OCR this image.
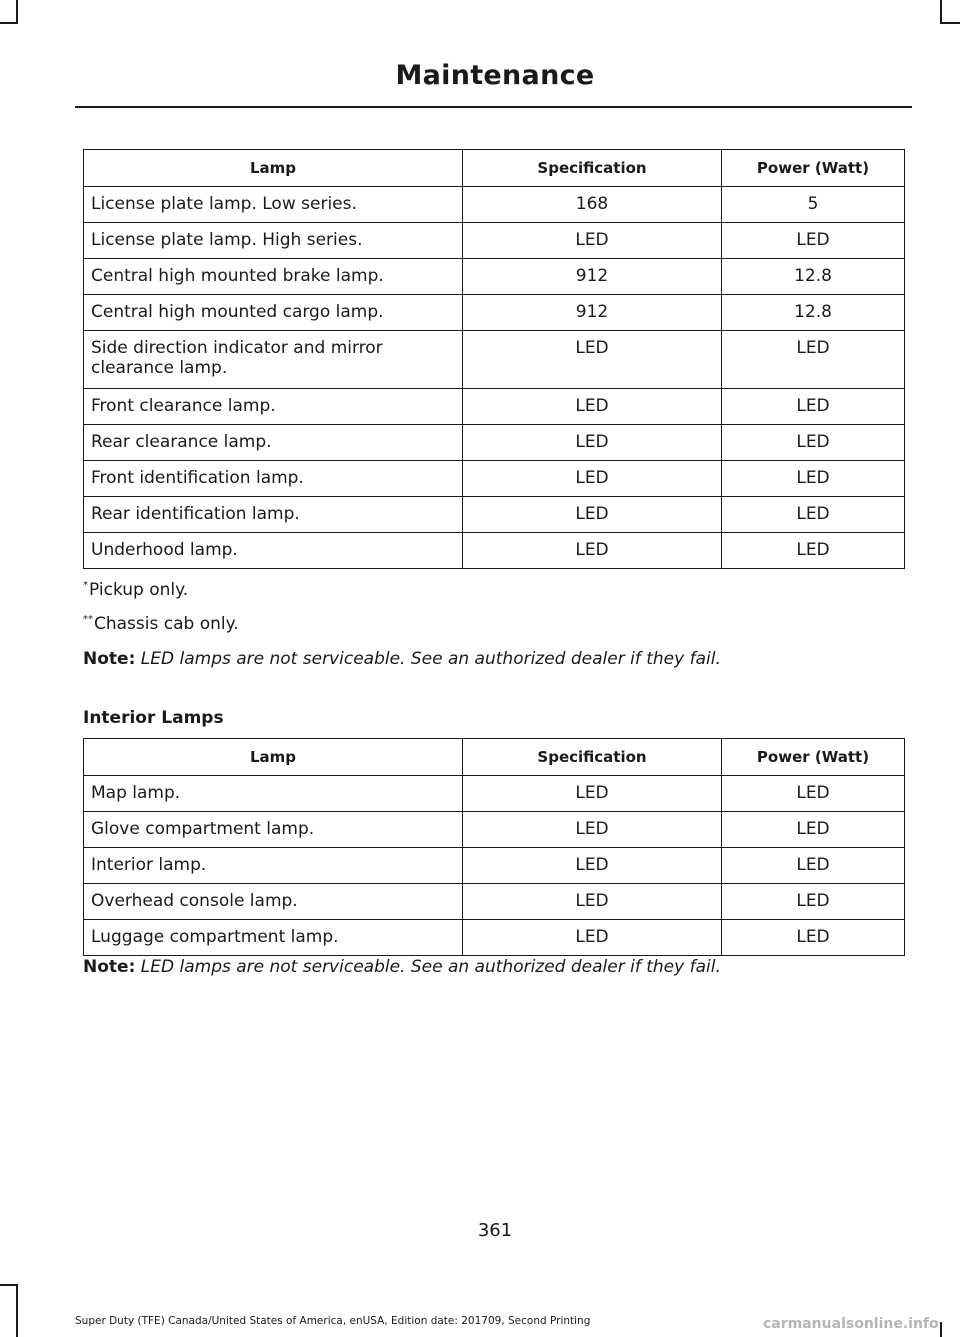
Maintenance
Lamp	Specification	Power (Watt)
License plate lamp. Low series.	168	5
License plate lamp. High series.	LED	LED
Central high mounted brake lamp.	912	12.8
Central high mounted cargo lamp.	912	12.8
Side direction indicator and mirror clearance lamp.	LED	LED
Front clearance lamp.	LED	LED
Rear clearance lamp.	LED	LED
Front identification lamp.	LED	LED
Rear identification lamp.	LED	LED
Underhood lamp.	LED	LED
*Pickup only.
**Chassis cab only.
Note: LED lamps are not serviceable. See an authorized dealer if they fail.
Interior Lamps
Lamp	Specification	Power (Watt)
Map lamp.	LED	LED
Glove compartment lamp.	LED	LED
Interior lamp.	LED	LED
Overhead console lamp.	LED	LED
Luggage compartment lamp.	LED	LED
Note: LED lamps are not serviceable. See an authorized dealer if they fail.
361
Super Duty (TFE) Canada/United States of America, enUSA, Edition date: 201709, Second Printing	carmanualsonline.info
